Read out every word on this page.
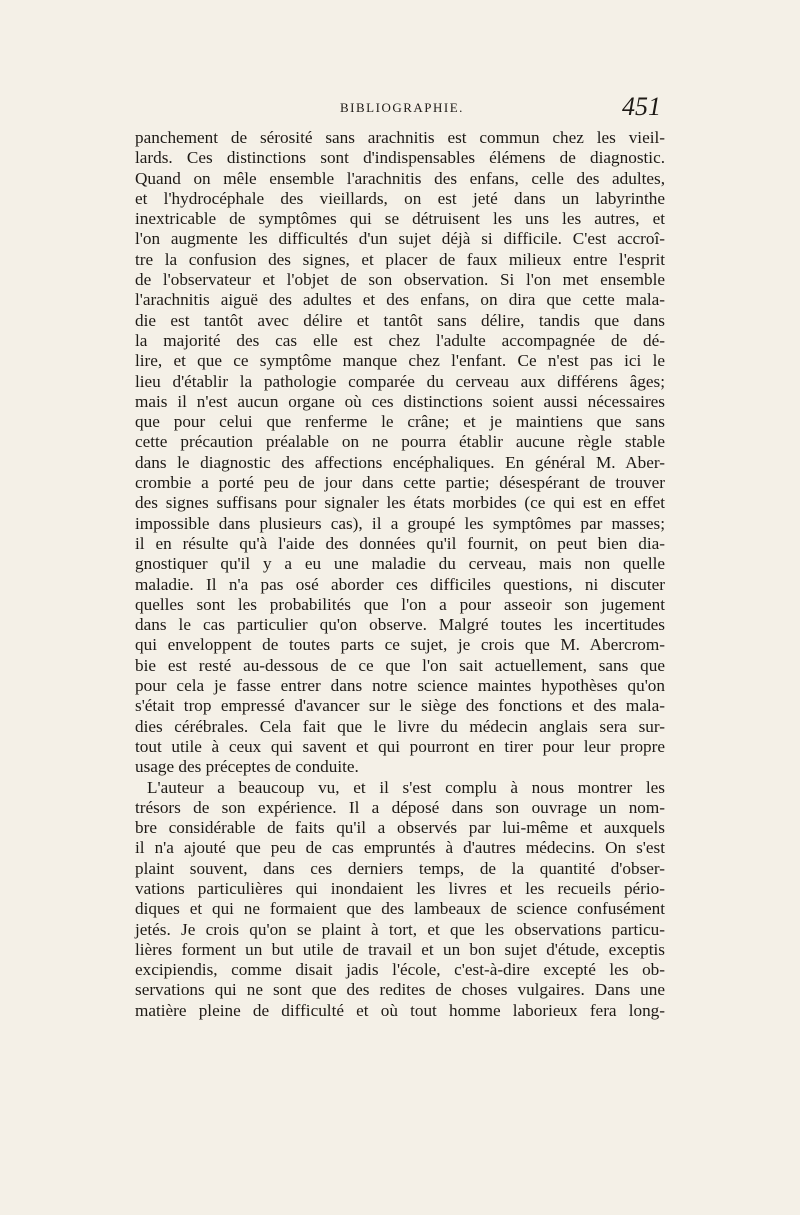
BIBLIOGRAPHIE.	451
panchement de sérosité sans arachnitis est commun chez les vieil-
lards. Ces distinctions sont d'indispensables élémens de diagnostic.
Quand on mêle ensemble l'arachnitis des enfans, celle des adultes,
et l'hydrocéphale des vieillards, on est jeté dans un labyrinthe
inextricable de symptômes qui se détruisent les uns les autres, et
l'on augmente les difficultés d'un sujet déjà si difficile. C'est accroî-
tre la confusion des signes, et placer de faux milieux entre l'esprit
de l'observateur et l'objet de son observation. Si l'on met ensemble
l'arachnitis aiguë des adultes et des enfans, on dira que cette mala-
die est tantôt avec délire et tantôt sans délire, tandis que dans
la majorité des cas elle est chez l'adulte accompagnée de dé-
lire, et que ce symptôme manque chez l'enfant. Ce n'est pas ici le
lieu d'établir la pathologie comparée du cerveau aux différens âges;
mais il n'est aucun organe où ces distinctions soient aussi nécessaires
que pour celui que renferme le crâne; et je maintiens que sans
cette précaution préalable on ne pourra établir aucune règle stable
dans le diagnostic des affections encéphaliques. En général M. Aber-
crombie a porté peu de jour dans cette partie; désespérant de trouver
des signes suffisans pour signaler les états morbides (ce qui est en effet
impossible dans plusieurs cas), il a groupé les symptômes par masses;
il en résulte qu'à l'aide des données qu'il fournit, on peut bien dia-
gnostiquer qu'il y a eu une maladie du cerveau, mais non quelle
maladie. Il n'a pas osé aborder ces difficiles questions, ni discuter
quelles sont les probabilités que l'on a pour asseoir son jugement
dans le cas particulier qu'on observe. Malgré toutes les incertitudes
qui enveloppent de toutes parts ce sujet, je crois que M. Abercrom-
bie est resté au-dessous de ce que l'on sait actuellement, sans que
pour cela je fasse entrer dans notre science maintes hypothèses qu'on
s'était trop empressé d'avancer sur le siège des fonctions et des mala-
dies cérébrales. Cela fait que le livre du médecin anglais sera sur-
tout utile à ceux qui savent et qui pourront en tirer pour leur propre
usage des préceptes de conduite.
L'auteur a beaucoup vu, et il s'est complu à nous montrer les
trésors de son expérience. Il a déposé dans son ouvrage un nom-
bre considérable de faits qu'il a observés par lui-même et auxquels
il n'a ajouté que peu de cas empruntés à d'autres médecins. On s'est
plaint souvent, dans ces derniers temps, de la quantité d'obser-
vations particulières qui inondaient les livres et les recueils pério-
diques et qui ne formaient que des lambeaux de science confusément
jetés. Je crois qu'on se plaint à tort, et que les observations particu-
lières forment un but utile de travail et un bon sujet d'étude, exceptis
excipiendis, comme disait jadis l'école, c'est-à-dire excepté les ob-
servations qui ne sont que des redites de choses vulgaires. Dans une
matière pleine de difficulté et où tout homme laborieux fera long-
